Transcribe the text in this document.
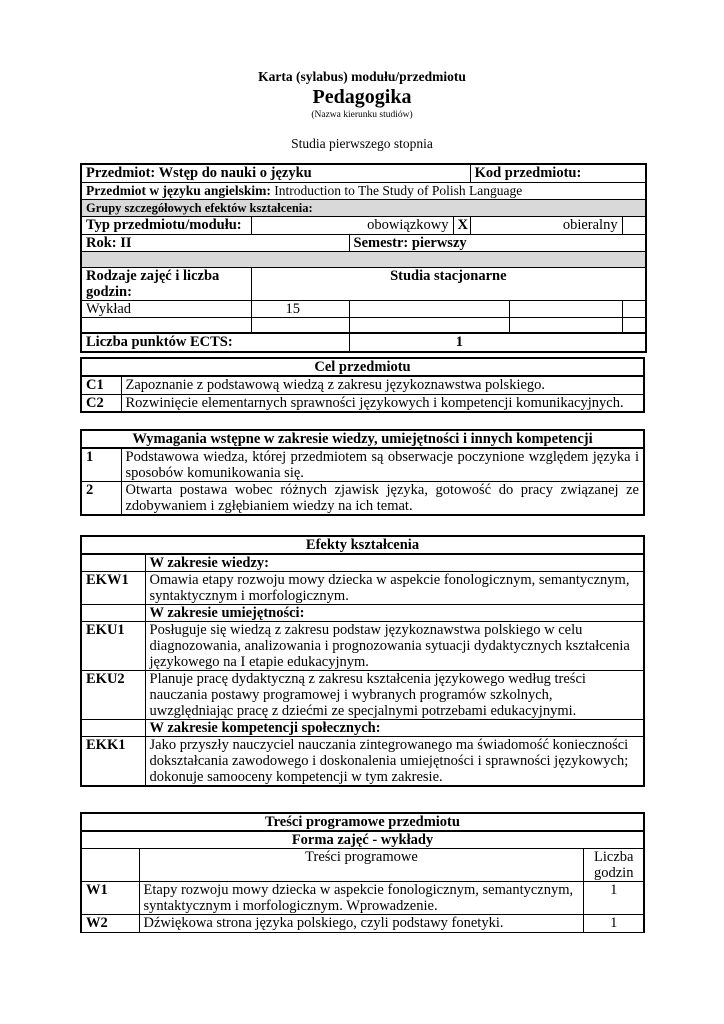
Karta (sylabus) modułu/przedmiotu
Pedagogika
(Nazwa kierunku studiów)
Studia pierwszego stopnia
Przedmiot: Wstęp do nauki o języku				Kod przedmiotu:		
Przedmiot w języku angielskim: Introduction to The Study of Polish Language						
Grupy szczegółowych efektów kształcenia:						
Typ przedmiotu/modułu:	obowiązkowy		X	obieralny		
Rok: II		Semestr: pierwszy				

Rodzaje zajęć i liczba godzin:	Studia stacjonarne					
Wykład	15					

Liczba punktów ECTS:		1				
Cel przedmiotu	
C1	Zapoznanie z podstawową wiedzą z zakresu językoznawstwa polskiego.
C2	Rozwinięcie elementarnych sprawności językowych i kompetencji komunikacyjnych.
Wymagania wstępne w zakresie wiedzy, umiejętności i innych kompetencji	
1	Podstawowa wiedza, której przedmiotem są obserwacje poczynione względem języka i sposobów komunikowania się.
2	Otwarta postawa wobec różnych zjawisk języka, gotowość do pracy związanej ze zdobywaniem i zgłębianiem wiedzy na ich temat.
Efekty kształcenia	
	W zakresie wiedzy:
EKW1	Omawia etapy rozwoju mowy dziecka w aspekcie fonologicznym, semantycznym, syntaktycznym i morfologicznym.
	W zakresie umiejętności:
EKU1	Posługuje się wiedzą z zakresu podstaw językoznawstwa polskiego w celu diagnozowania, analizowania i prognozowania sytuacji dydaktycznych kształcenia językowego na I etapie edukacyjnym.
EKU2	Planuje pracę dydaktyczną z zakresu kształcenia językowego według treści nauczania postawy programowej i wybranych programów szkolnych, uwzględniając pracę z dziećmi ze specjalnymi potrzebami edukacyjnymi.
	W zakresie kompetencji społecznych:
EKK1	Jako przyszły nauczyciel nauczania zintegrowanego ma świadomość konieczności dokształcania zawodowego i doskonalenia umiejętności i sprawności językowych; dokonuje samooceny kompetencji w tym zakresie.
Treści programowe przedmiotu		
Forma zajęć - wykłady		
	Treści programowe	Liczba godzin
W1	Etapy rozwoju mowy dziecka w aspekcie fonologicznym, semantycznym, syntaktycznym i morfologicznym. Wprowadzenie.	1
W2	Dźwiękowa strona języka polskiego, czyli podstawy fonetyki.	1
